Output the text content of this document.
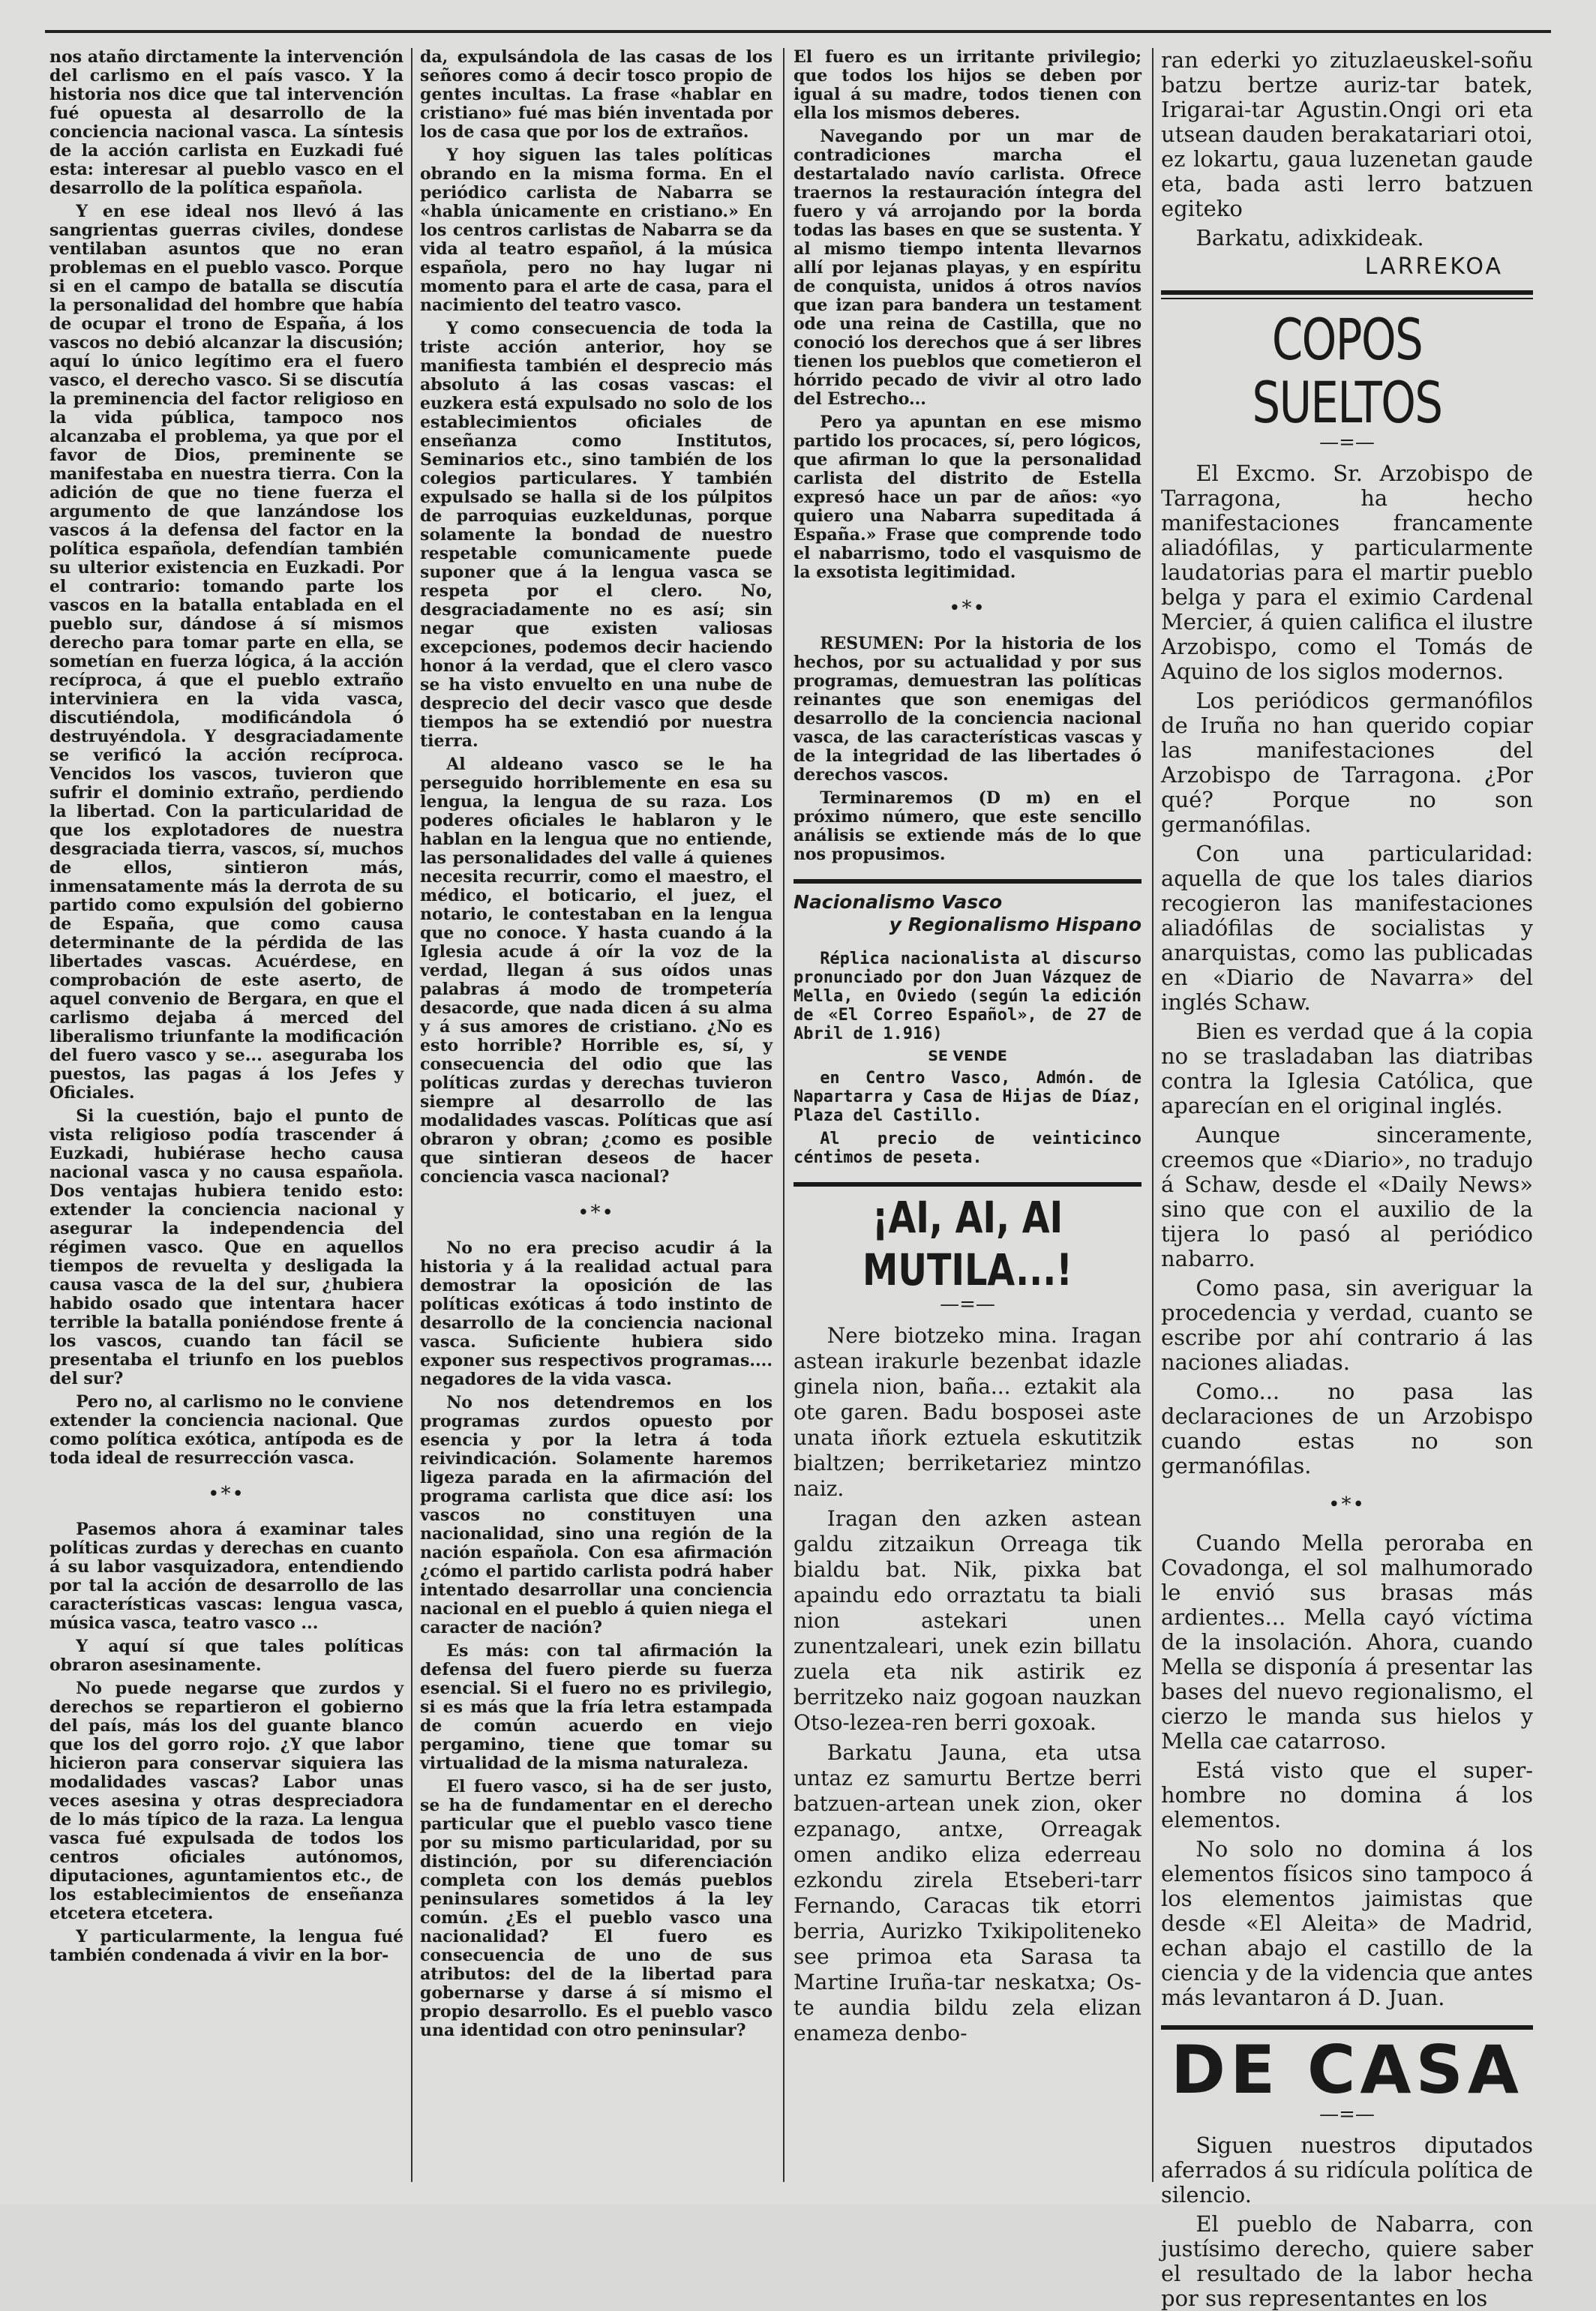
nos ataño dirctamente la intervención del carlismo en el país vasco. Y la historia nos dice que tal intervención fué opuesta al desarrollo de la conciencia nacional vasca. La síntesis de la acción carlista en Euzkadi fué esta: interesar al pueblo vasco en el desarrollo de la política española.

Y en ese ideal nos llevó á las sangrientas guerras civiles, dondese ventilaban asuntos que no eran problemas en el pueblo vasco. Porque si en el campo de batalla se discutía la personalidad del hombre que había de ocupar el trono de España, á los vascos no debió alcanzar la discusión; aquí lo único legítimo era el fuero vasco, el derecho vasco. Si se discutía la preminencia del factor religioso en la vida pública, tampoco nos alcanzaba el problema, ya que por el favor de Dios, preminente se manifestaba en nuestra tierra. Con la adición de que no tiene fuerza el argumento de que lanzándose los vascos á la defensa del factor en la política española, defendían también su ulterior existencia en Euzkadi. Por el contrario: tomando parte los vascos en la batalla entablada en el pueblo sur, dándose á sí mismos derecho para tomar parte en ella, se sometían en fuerza lógica, á la acción recíproca, á que el pueblo extraño interviniera en la vida vasca, discutiéndola, modificándola ó destruyéndola. Y desgraciadamente se verificó la acción recíproca. Vencidos los vascos, tuvieron que sufrir el dominio extraño, perdiendo la libertad. Con la particularidad de que los explotadores de nuestra desgraciada tierra, vascos, sí, muchos de ellos, sintieron más, inmensatamente más la derrota de su partido como expulsión del gobierno de España, que como causa determinante de la pérdida de las libertades vascas. Acuérdese, en comprobación de este aserto, de aquel convenio de Bergara, en que el carlismo dejaba á merced del liberalismo triunfante la modificación del fuero vasco y se... aseguraba los puestos, las pagas á los Jefes y Oficiales.

Si la cuestión, bajo el punto de vista religioso podía trascender á Euzkadi, hubiérase hecho causa nacional vasca y no causa española. Dos ventajas hubiera tenido esto: extender la conciencia nacional y asegurar la independencia del régimen vasco. Que en aquellos tiempos de revuelta y desligada la causa vasca de la del sur, ¿hubiera habido osado que intentara hacer terrible la batalla poniéndose frente á los vascos, cuando tan fácil se presentaba el triunfo en los pueblos del sur?

Pero no, al carlismo no le conviene extender la conciencia nacional. Que como política exótica, antípoda es de toda ideal de resurrección vasca.

•*•

Pasemos ahora á examinar tales políticas zurdas y derechas en cuanto á su labor vasquizadora, entendiendo por tal la acción de desarrollo de las características vascas: lengua vasca, música vasca, teatro vasco ...

Y aquí sí que tales políticas obraron asesinamente.

No puede negarse que zurdos y derechos se repartieron el gobierno del país, más los del guante blanco que los del gorro rojo. ¿Y que labor hicieron para conservar siquiera las modalidades vascas? Labor unas veces asesina y otras despreciadora de lo más típico de la raza. La lengua vasca fué expulsada de todos los centros oficiales autónomos, diputaciones, aguntamientos etc., de los establecimientos de enseñanza etcetera etcetera.

Y particularmente, la lengua fué también condenada á vivir en la bor-

da, expulsándola de las casas de los señores como á decir tosco propio de gentes incultas. La frase «hablar en cristiano» fué mas bién inventada por los de casa que por los de extraños.

Y hoy siguen las tales políticas obrando en la misma forma. En el periódico carlista de Nabarra se «habla únicamente en cristiano.» En los centros carlistas de Nabarra se da vida al teatro español, á la música española, pero no hay lugar ni momento para el arte de casa, para el nacimiento del teatro vasco.

Y como consecuencia de toda la triste acción anterior, hoy se manifiesta también el desprecio más absoluto á las cosas vascas: el euzkera está expulsado no solo de los establecimientos oficiales de enseñanza como Institutos, Seminarios etc., sino también de los colegios particulares. Y también expulsado se halla si de los púlpitos de parroquias euzkeldunas, porque solamente la bondad de nuestro respetable comunicamente puede suponer que á la lengua vasca se respeta por el clero. No, desgraciadamente no es así; sin negar que existen valiosas excepciones, podemos decir haciendo honor á la verdad, que el clero vasco se ha visto envuelto en una nube de desprecio del decir vasco que desde tiempos ha se extendió por nuestra tierra.

Al aldeano vasco se le ha perseguido horriblemente en esa su lengua, la lengua de su raza. Los poderes oficiales le hablaron y le hablan en la lengua que no entiende, las personalidades del valle á quienes necesita recurrir, como el maestro, el médico, el boticario, el juez, el notario, le contestaban en la lengua que no conoce. Y hasta cuando á la Iglesia acude á oír la voz de la verdad, llegan á sus oídos unas palabras á modo de trompetería desacorde, que nada dicen á su alma y á sus amores de cristiano. ¿No es esto horrible? Horrible es, sí, y consecuencia del odio que las políticas zurdas y derechas tuvieron siempre al desarrollo de las modalidades vascas. Políticas que así obraron y obran; ¿como es posible que sintieran deseos de hacer conciencia vasca nacional?

•*•

No no era preciso acudir á la historia y á la realidad actual para demostrar la oposición de las políticas exóticas á todo instinto de desarrollo de la conciencia nacional vasca. Suficiente hubiera sido exponer sus respectivos programas.... negadores de la vida vasca.

No nos detendremos en los programas zurdos opuesto por esencia y por la letra á toda reivindicación. Solamente haremos ligeza parada en la afirmación del programa carlista que dice así: los vascos no constituyen una nacionalidad, sino una región de la nación española. Con esa afirmación ¿cómo el partido carlista podrá haber intentado desarrollar una conciencia nacional en el pueblo á quien niega el caracter de nación?

Es más: con tal afirmación la defensa del fuero pierde su fuerza esencial. Si el fuero no es privilegio, si es más que la fría letra estampada de común acuerdo en viejo pergamino, tiene que tomar su virtualidad de la misma naturaleza.

El fuero vasco, si ha de ser justo, se ha de fundamentar en el derecho particular que el pueblo vasco tiene por su mismo particularidad, por su distinción, por su diferenciación completa con los demás pueblos peninsulares sometidos á la ley común. ¿Es el pueblo vasco una nacionalidad? El fuero es consecuencia de uno de sus atributos: del de la libertad para gobernarse y darse á sí mismo el propio desarrollo. Es el pueblo vasco una identidad con otro peninsular?

El fuero es un irritante privilegio; que todos los hijos se deben por igual á su madre, todos tienen con ella los mismos deberes.

Navegando por un mar de contradiciones marcha el destartalado navío carlista. Ofrece traernos la restauración íntegra del fuero y vá arrojando por la borda todas las bases en que se sustenta. Y al mismo tiempo intenta llevarnos allí por lejanas playas, y en espíritu de conquista, unidos á otros navíos que izan para bandera un testament ode una reina de Castilla, que no conoció los derechos que á ser libres tienen los pueblos que cometieron el hórrido pecado de vivir al otro lado del Estrecho...

Pero ya apuntan en ese mismo partido los procaces, sí, pero lógicos, que afirman lo que la personalidad carlista del distrito de Estella expresó hace un par de años: «yo quiero una Nabarra supeditada á España.» Frase que comprende todo el nabarrismo, todo el vasquismo de la exsotista legitimidad.

•*•

RESUMEN: Por la historia de los hechos, por su actualidad y por sus programas, demuestran las políticas reinantes que son enemigas del desarrollo de la conciencia nacional vasca, de las características vascas y de la integridad de las libertades ó derechos vascos.

Terminaremos (D m) en el próximo número, que este sencillo análisis se extiende más de lo que nos propusimos.

Nacionalismo Vasco
y Regionalismo Hispano

Réplica nacionalista al discurso pronunciado por don Juan Vázquez de Mella, en Oviedo (según la edición de «El Correo Español», de 27 de Abril de 1.916)

SE VENDE

en Centro Vasco, Admón. de Napartarra y Casa de Hijas de Díaz, Plaza del Castillo.

Al precio de veinticinco céntimos de peseta.

¡AI, AI, AI MUTILA...!
—=—

Nere biotzeko mina. Iragan astean irakurle bezenbat idazle ginela nion, baña... eztakit ala ote garen. Badu bosposei aste unata iñork eztuela eskutitzik bialtzen; berriketariez mintzo naiz.

Iragan den azken astean galdu zitzaikun Orreaga tik bialdu bat. Nik, pixka bat apaindu edo orraztatu ta biali nion astekari unen zunentzaleari, unek ezin billatu zuela eta nik astirik ez berritzeko naiz gogoan nauzkan Otso-lezea-ren berri goxoak.

Barkatu Jauna, eta utsa untaz ez samurtu Bertze berri batzuen-artean unek zion, oker ezpanago, antxe, Orreagak omen andiko eliza ederreau ezkondu zirela Etseberi-tarr Fernando, Caracas tik etorri berria, Aurizko Txikipoliteneko see primoa eta Sarasa ta Martine Iruña-tar neskatxa; Os-te aundia bildu zela elizan enameza denbo-

ran ederki yo zituzlaeuskel-soñu batzu bertze auriz-tar batek, Irigarai-tar Agustin.Ongi ori eta utsean dauden berakatariari otoi, ez lokartu, gaua luzenetan gaude eta, bada asti lerro batzuen egiteko

Barkatu, adixkideak.
LARREKOA
COPOS SUELTOS
—=—

El Excmo. Sr. Arzobispo de Tarragona, ha hecho manifestaciones francamente aliadófilas, y particularmente laudatorias para el martir pueblo belga y para el eximio Cardenal Mercier, á quien califica el ilustre Arzobispo, como el Tomás de Aquino de los siglos modernos.

Los periódicos germanófilos de Iruña no han querido copiar las manifestaciones del Arzobispo de Tarragona. ¿Por qué? Porque no son germanófilas.

Con una particularidad: aquella de que los tales diarios recogieron las manifestaciones aliadófilas de socialistas y anarquistas, como las publicadas en «Diario de Navarra» del inglés Schaw.

Bien es verdad que á la copia no se trasladaban las diatribas contra la Iglesia Católica, que aparecían en el original inglés.

Aunque sinceramente, creemos que «Diario», no tradujo á Schaw, desde el «Daily News» sino que con el auxilio de la tijera lo pasó al periódico nabarro.

Como pasa, sin averiguar la procedencia y verdad, cuanto se escribe por ahí contrario á las naciones aliadas.

Como... no pasa las declaraciones de un Arzobispo cuando estas no son germanófilas.

•*•

Cuando Mella peroraba en Covadonga, el sol malhumorado le envió sus brasas más ardientes... Mella cayó víctima de la insolación. Ahora, cuando Mella se disponía á presentar las bases del nuevo regionalismo, el cierzo le manda sus hielos y Mella cae catarroso.

Está visto que el super-hombre no domina á los elementos.

No solo no domina á los elementos físicos sino tampoco á los elementos jaimistas que desde «El Aleita» de Madrid, echan abajo el castillo de la ciencia y de la videncia que antes más levantaron á D. Juan.

DE CASA
—=—

Siguen nuestros diputados aferrados á su ridícula política de silencio.

El pueblo de Nabarra, con justísimo derecho, quiere saber el resultado de la labor hecha por sus representantes en los
